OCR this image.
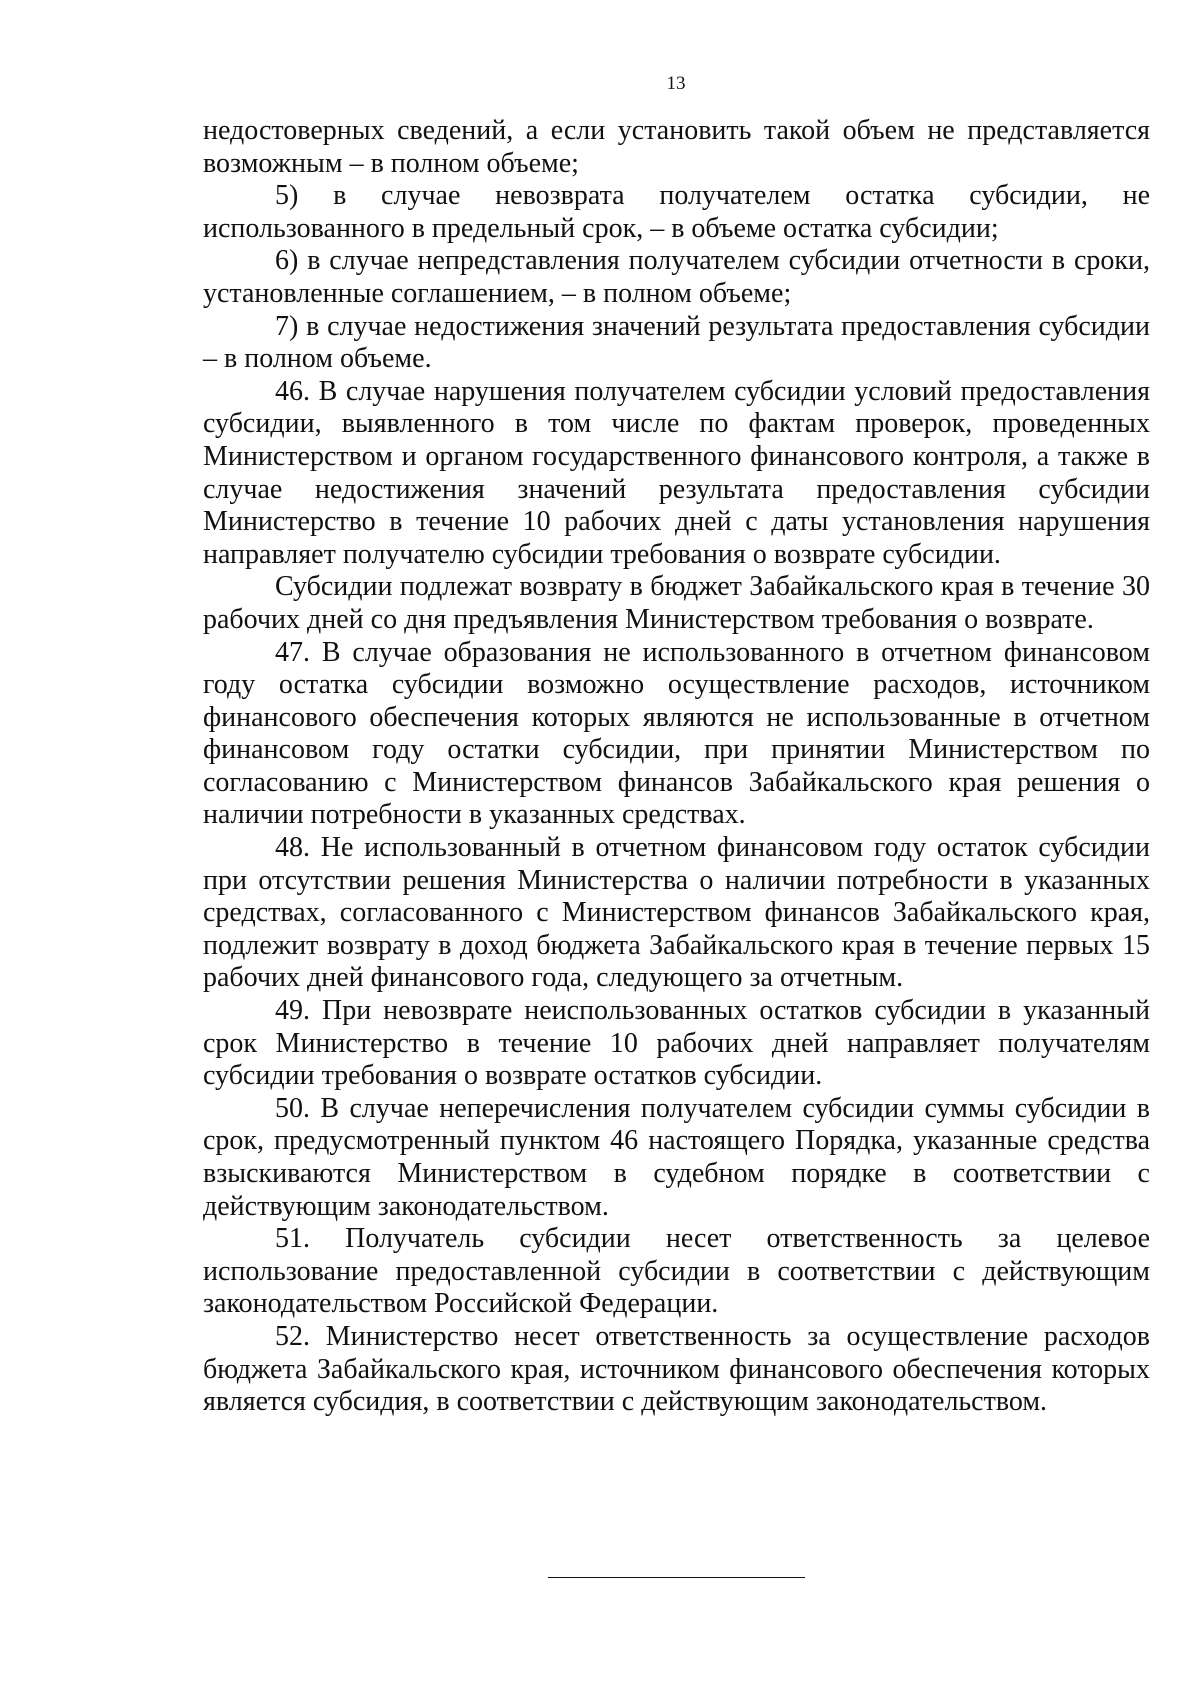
13

недостоверных сведений, а если установить такой объем не представляется возможным – в полном объеме;

5) в случае невозврата получателем остатка субсидии, не использованного в предельный срок, – в объеме остатка субсидии;

6) в случае непредставления получателем субсидии отчетности в сроки, установленные соглашением, – в полном объеме;

7) в случае недостижения значений результата предоставления субсидии – в полном объеме.

46. В случае нарушения получателем субсидии условий предоставления субсидии, выявленного в том числе по фактам проверок, проведенных Министерством и органом государственного финансового контроля, а также в случае недостижения значений результата предоставления субсидии Министерство в течение 10 рабочих дней с даты установления нарушения направляет получателю субсидии требования о возврате субсидии.

Субсидии подлежат возврату в бюджет Забайкальского края в течение 30 рабочих дней со дня предъявления Министерством требования о возврате.

47. В случае образования не использованного в отчетном финансовом году остатка субсидии возможно осуществление расходов, источником финансового обеспечения которых являются не использованные в отчетном финансовом году остатки субсидии, при принятии Министерством по согласованию с Министерством финансов Забайкальского края решения о наличии потребности в указанных средствах.

48. Не использованный в отчетном финансовом году остаток субсидии при отсутствии решения Министерства о наличии потребности в указанных средствах, согласованного с Министерством финансов Забайкальского края, подлежит возврату в доход бюджета Забайкальского края в течение первых 15 рабочих дней финансового года, следующего за отчетным.

49. При невозврате неиспользованных остатков субсидии в указанный срок Министерство в течение 10 рабочих дней направляет получателям субсидии требования о возврате остатков субсидии.

50. В случае неперечисления получателем субсидии суммы субсидии в срок, предусмотренный пунктом 46 настоящего Порядка, указанные средства взыскиваются Министерством в судебном порядке в соответствии с действующим законодательством.

51. Получатель субсидии несет ответственность за целевое использование предоставленной субсидии в соответствии с действующим законодательством Российской Федерации.

52. Министерство несет ответственность за осуществление расходов бюджета Забайкальского края, источником финансового обеспечения которых является субсидия, в соответствии с действующим законодательством.
